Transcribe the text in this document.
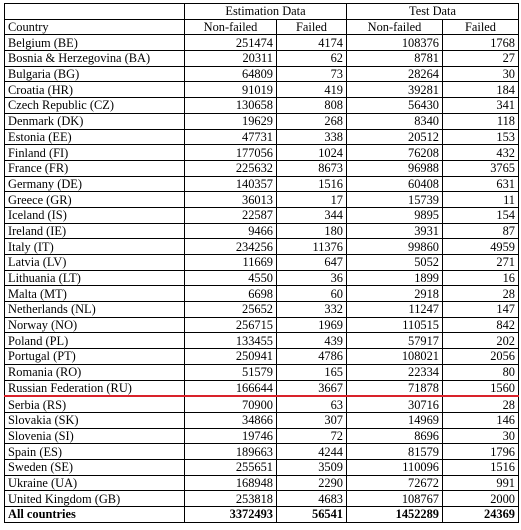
	Estimation Data		Test Data	
Country	Non-failed	Failed	Non-failed	Failed
Belgium (BE)	251474	4174	108376	1768
Bosnia & Herzegovina (BA)	20311	62	8781	27
Bulgaria (BG)	64809	73	28264	30
Croatia (HR)	91019	419	39281	184
Czech Republic (CZ)	130658	808	56430	341
Denmark (DK)	19629	268	8340	118
Estonia (EE)	47731	338	20512	153
Finland (FI)	177056	1024	76208	432
France (FR)	225632	8673	96988	3765
Germany (DE)	140357	1516	60408	631
Greece (GR)	36013	17	15739	11
Iceland (IS)	22587	344	9895	154
Ireland (IE)	9466	180	3931	87
Italy (IT)	234256	11376	99860	4959
Latvia (LV)	11669	647	5052	271
Lithuania (LT)	4550	36	1899	16
Malta (MT)	6698	60	2918	28
Netherlands (NL)	25652	332	11247	147
Norway (NO)	256715	1969	110515	842
Poland (PL)	133455	439	57917	202
Portugal (PT)	250941	4786	108021	2056
Romania (RO)	51579	165	22334	80
Russian Federation (RU)	166644	3667	71878	1560
Serbia (RS)	70900	63	30716	28
Slovakia (SK)	34866	307	14969	146
Slovenia (SI)	19746	72	8696	30
Spain (ES)	189663	4244	81579	1796
Sweden (SE)	255651	3509	110096	1516
Ukraine (UA)	168948	2290	72672	991
United Kingdom (GB)	253818	4683	108767	2000
All countries	3372493	56541	1452289	24369
